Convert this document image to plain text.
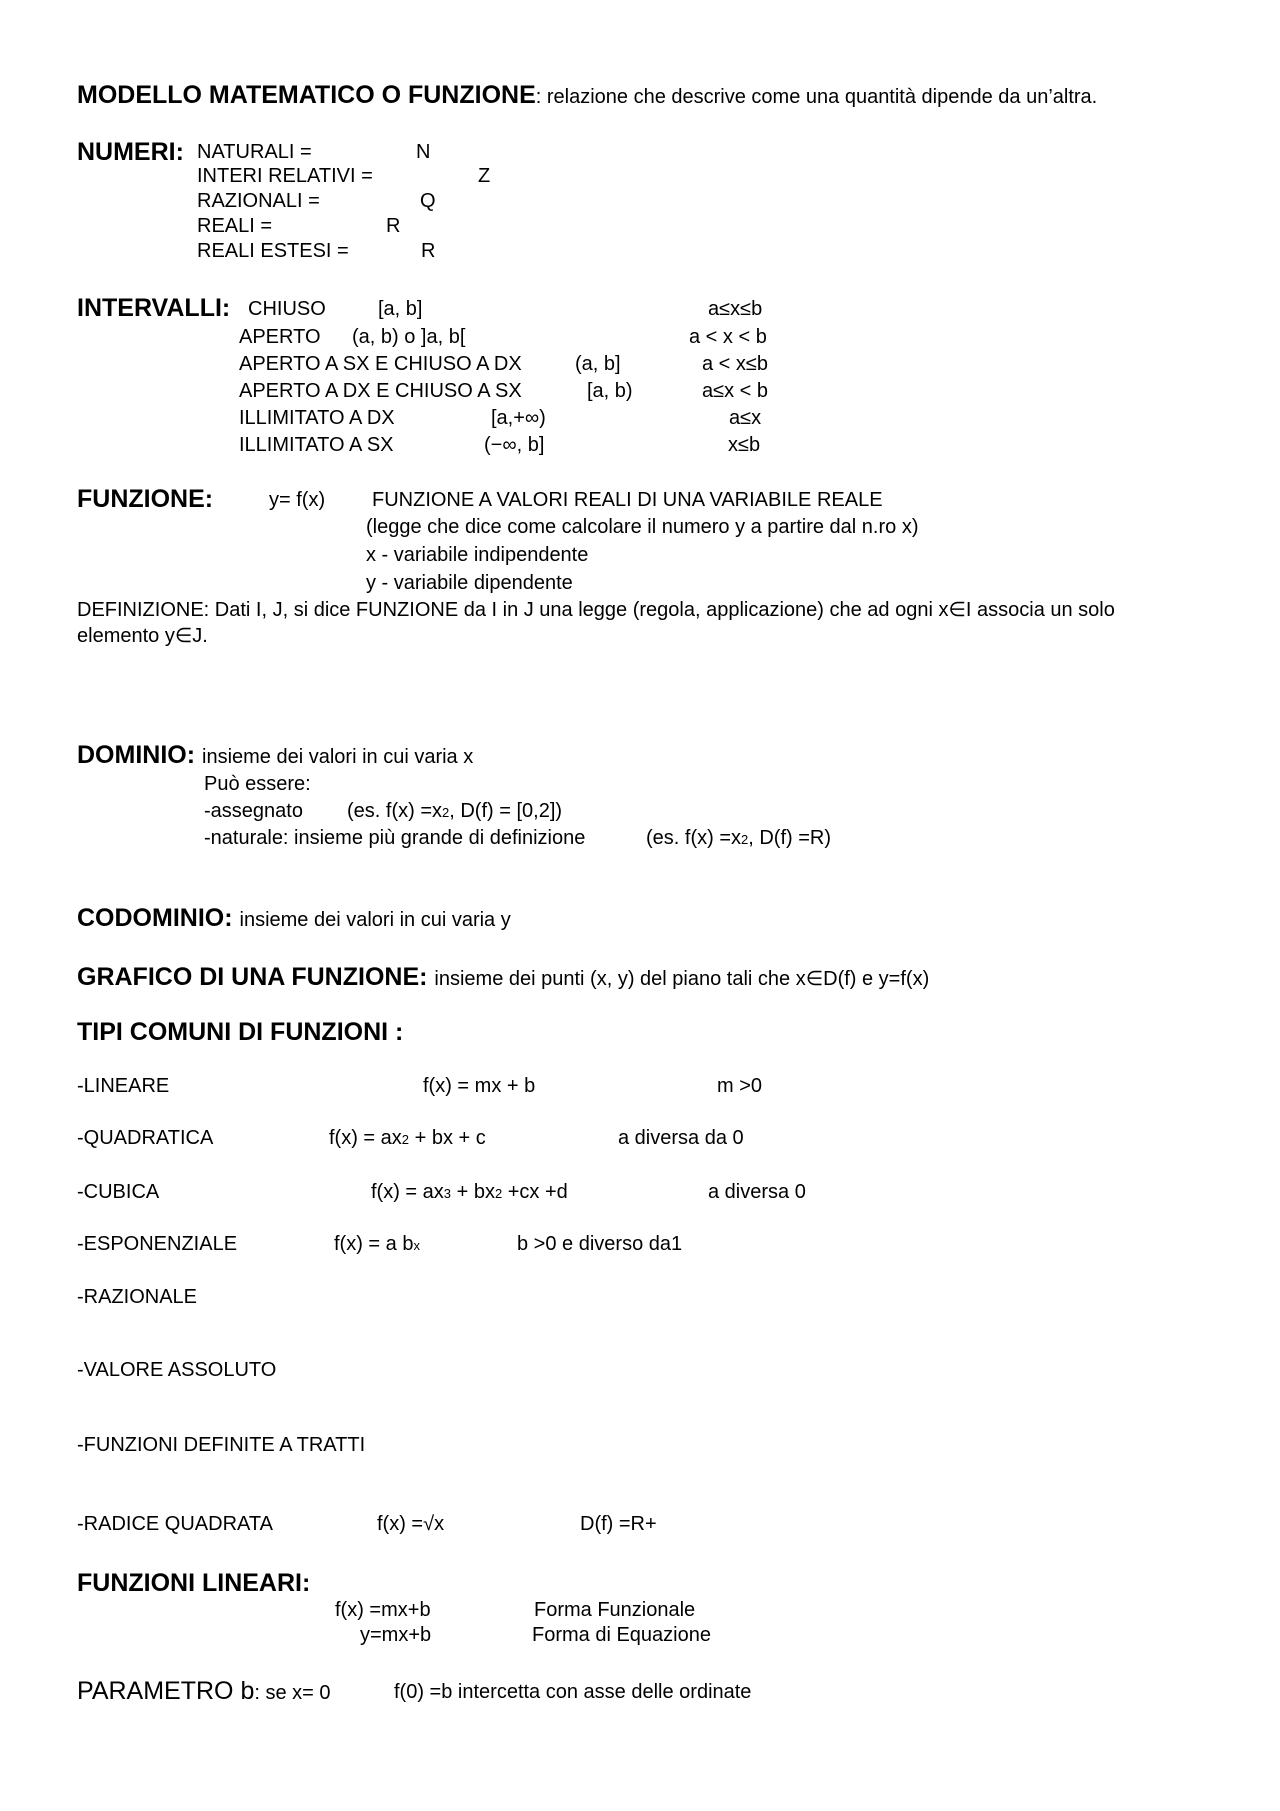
MODELLO MATEMATICO O FUNZIONE: relazione che descrive come una quantità dipende da un’altra.
NUMERI: NATURALI =	N
INTERI RELATIVI =	Z
RAZIONALI =	Q
REALI =	R
REALI ESTESI =	R
INTERVALLI: CHIUSO	[a, b]	a≤x≤b
APERTO (a, b) o ]a, b[	a < x < b
APERTO A SX E CHIUSO A DX	(a, b]	a < x≤b
APERTO A DX E CHIUSO A SX	[a, b)	a≤x < b
ILLIMITATO A DX	[a,+∞)	a≤x
ILLIMITATO A SX	(−∞, b]	x≤b
FUNZIONE:	y= f(x) FUNZIONE A VALORI REALI DI UNA VARIABILE REALE
(legge che dice come calcolare il numero y a partire dal n.ro x)
x - variabile indipendente
y - variabile dipendente
DEFINIZIONE: Dati I, J, si dice FUNZIONE da I in J una legge (regola, applicazione) che ad ogni x∈I associa un solo
elemento y∈J.
DOMINIO: insieme dei valori in cui varia x
Può essere:
-assegnato (es. f(x) =x2, D(f) = [0,2])
-naturale: insieme più grande di definizione	(es. f(x) =x2, D(f) =R)
CODOMINIO: insieme dei valori in cui varia y
GRAFICO DI UNA FUNZIONE: insieme dei punti (x, y) del piano tali che x∈D(f) e y=f(x)
TIPI COMUNI DI FUNZIONI :
-LINEARE	f(x) = mx + b	m >0
-QUADRATICA	f(x) = ax2 + bx + c	a diversa da 0
-CUBICA	f(x) = ax3 + bx2 +cx +d	a diversa 0
-ESPONENZIALE	f(x) = a bx	b >0 e diverso da1
-RAZIONALE
-VALORE ASSOLUTO
-FUNZIONI DEFINITE A TRATTI
-RADICE QUADRATA	f(x) =√x	D(f) =R+
FUNZIONI LINEARI:
f(x) =mx+b	Forma Funzionale
y=mx+b	Forma di Equazione
PARAMETRO b: se x= 0	f(0) =b intercetta con asse delle ordinate
